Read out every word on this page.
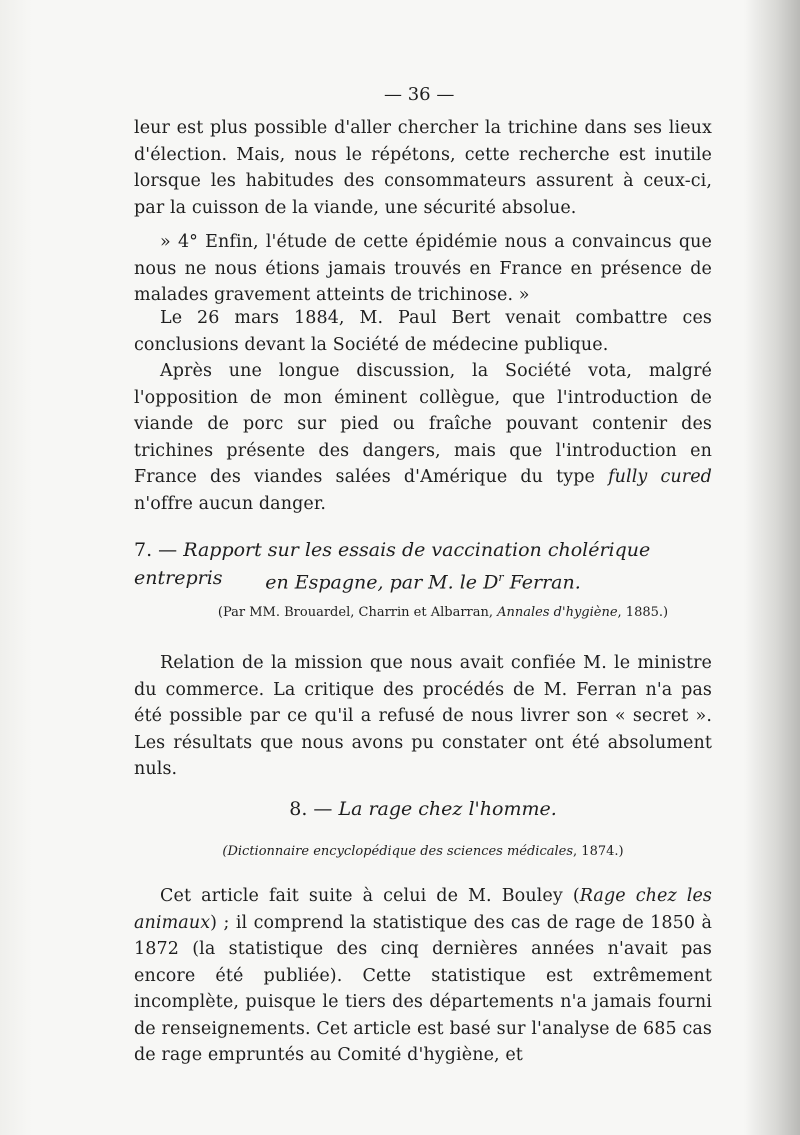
— 36 —

leur est plus possible d'aller chercher la trichine dans ses lieux d'élection. Mais, nous le répétons, cette recherche est inutile lorsque les habitudes des consommateurs assurent à ceux-ci, par la cuisson de la viande, une sécurité absolue.

» 4° Enfin, l'étude de cette épidémie nous a convaincus que nous ne nous étions jamais trouvés en France en présence de malades gravement atteints de trichinose. »

Le 26 mars 1884, M. Paul Bert venait combattre ces conclusions devant la Société de médecine publique.

Après une longue discussion, la Société vota, malgré l'opposition de mon éminent collègue, que l'introduction de viande de porc sur pied ou fraîche pouvant contenir des trichines présente des dangers, mais que l'introduction en France des viandes salées d'Amérique du type fully cured n'offre aucun danger.

7. — Rapport sur les essais de vaccination cholérique entrepris	en Espagne, par M. le $D^r$ Ferran.

(Par MM. Brouardel, Charrin et Albarran, Annales d'hygiène, 1885.)

Relation de la mission que nous avait confiée M. le ministre du commerce. La critique des procédés de M. Ferran n'a pas été possible par ce qu'il a refusé de nous livrer son « secret ». Les résultats que nous avons pu constater ont été absolument nuls.

8. — La rage chez l'homme.

(Dictionnaire encyclopédique des sciences médicales, 1874.)

Cet article fait suite à celui de M. Bouley (Rage chez les animaux) ; il comprend la statistique des cas de rage de 1850 à 1872 (la statistique des cinq dernières années n'avait pas encore été publiée). Cette statistique est extrêmement incomplète, puisque le tiers des départements n'a jamais fourni de renseignements. Cet article est basé sur l'analyse de 685 cas de rage empruntés au Comité d'hygiène, et
